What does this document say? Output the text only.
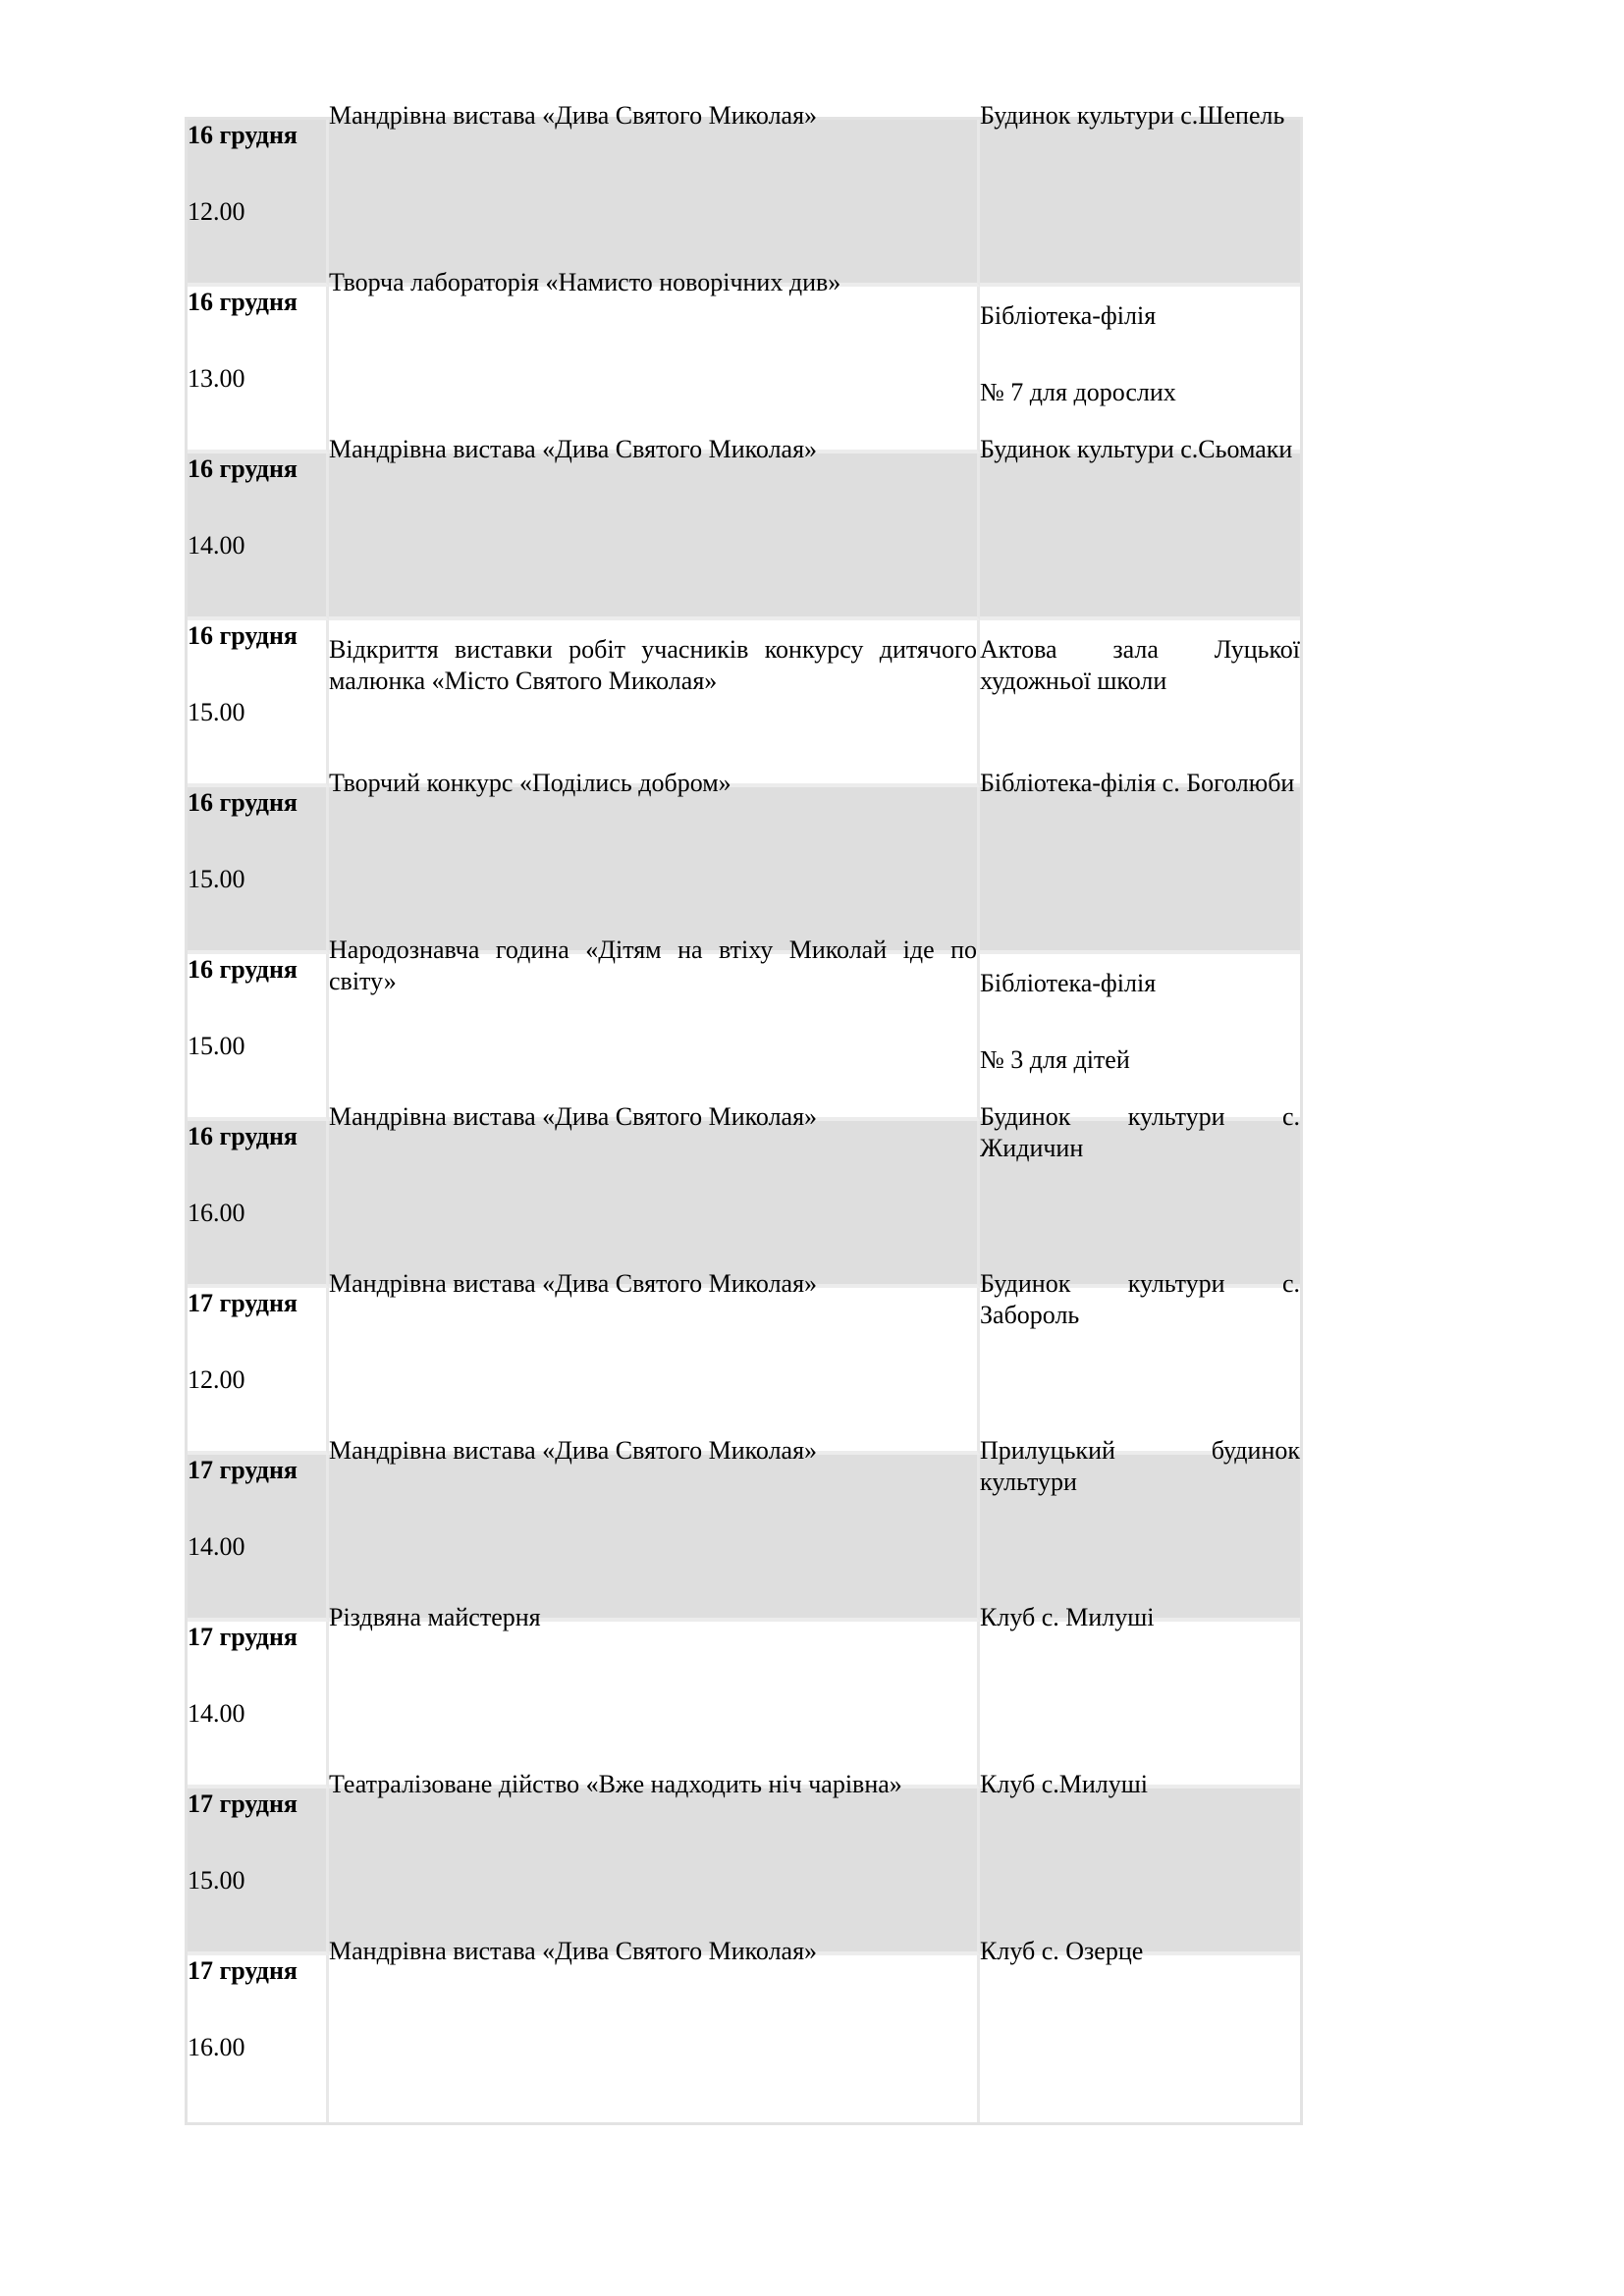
16 грудня
12.00	Мандрівна вистава «Дива Святого Миколая»	Будинок культури с.Шепель

16 грудня
13.00	Творча лабораторія «Намисто новорічних див»	Бібліотека-філія
№ 7 для дорослих

16 грудня
14.00	Мандрівна вистава «Дива Святого Миколая»	Будинок культури с.Сьомаки

16 грудня
15.00	Відкриття виставки робіт учасників конкурсу дитячого малюнка «Місто Святого Миколая»	Актова зала Луцької художньої школи

16 грудня
15.00	Творчий конкурс «Поділись добром»	Бібліотека-філія с. Боголюби

16 грудня
15.00	Народознавча година «Дітям на втіху Миколай іде по світу»	Бібліотека-філія
№ 3 для дітей

16 грудня
16.00	Мандрівна вистава «Дива Святого Миколая»	Будинок культури с. Жидичин

17 грудня
12.00	Мандрівна вистава «Дива Святого Миколая»	Будинок культури с. Забороль

17 грудня
14.00	Мандрівна вистава «Дива Святого Миколая»	Прилуцький будинок культури

17 грудня
14.00	Різдвяна майстерня	Клуб с. Милуші

17 грудня
15.00	Театралізоване дійство «Вже надходить ніч чарівна»	Клуб с.Милуші

17 грудня
16.00	Мандрівна вистава «Дива Святого Миколая»	Клуб с. Озерце
